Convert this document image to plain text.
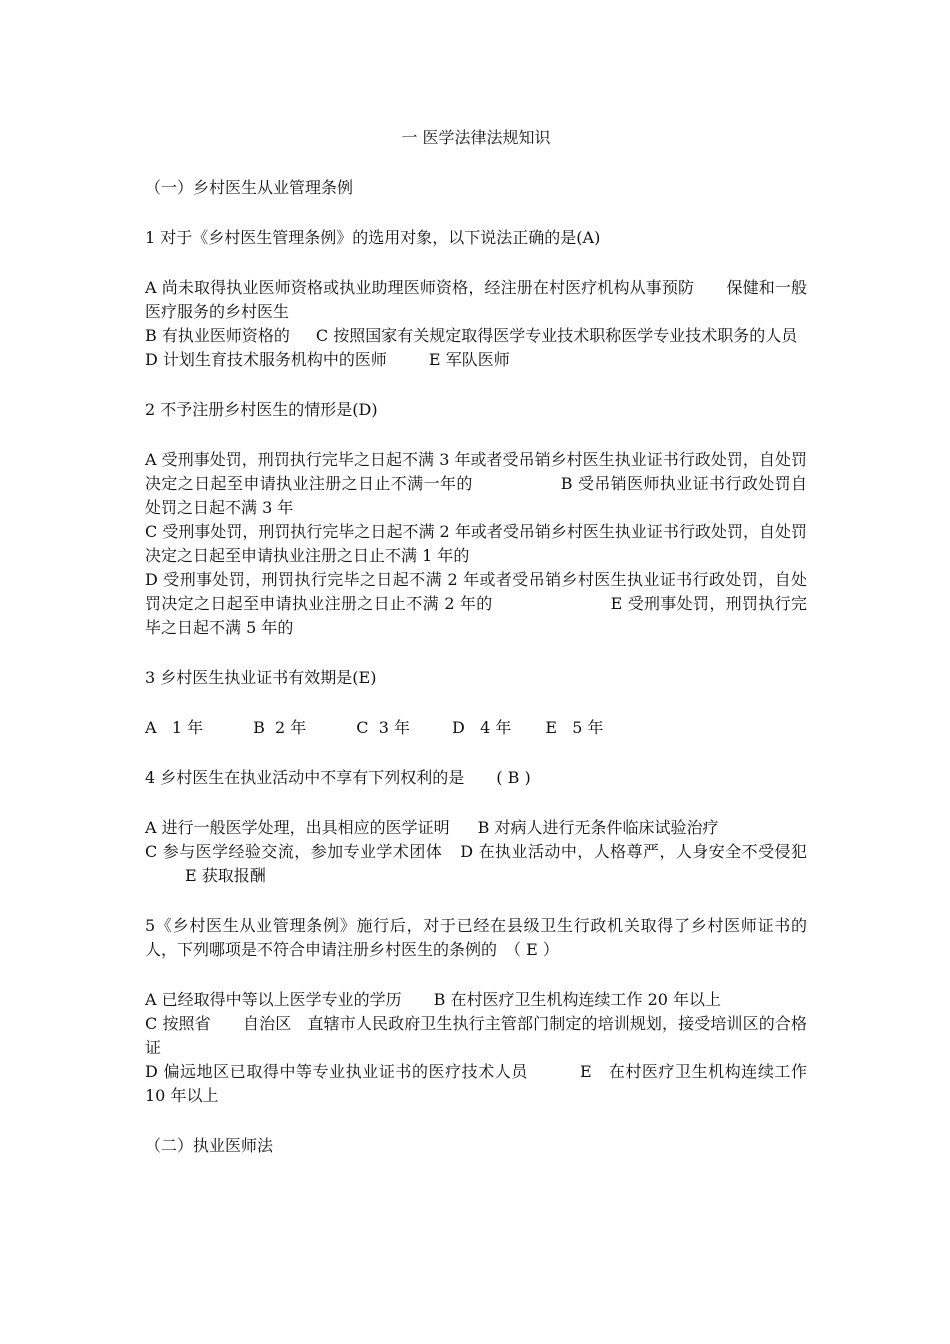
一 医学法律法规知识

（一）乡村医生从业管理条例

1 对于《乡村医生管理条例》的选用对象，以下说法正确的是(A)

A 尚未取得执业医师资格或执业助理医师资格，经注册在村医疗机构从事预防　　保健和一般医疗服务的乡村医生

B 有执业医师资格的 C 按照国家有关规定取得医学专业技术职称医学专业技术职务的人员

D 计划生育技术服务机构中的医师	E 军队医师

2 不予注册乡村医生的情形是(D)

A 受刑事处罚，刑罚执行完毕之日起不满 3 年或者受吊销乡村医生执业证书行政处罚，自处罚决定之日起至申请执业注册之日止不满一年的	B 受吊销医师执业证书行政处罚自处罚之日起不满 3 年

C 受刑事处罚，刑罚执行完毕之日起不满 2 年或者受吊销乡村医生执业证书行政处罚，自处罚决定之日起至申请执业注册之日止不满 1 年的

D 受刑事处罚，刑罚执行完毕之日起不满 2 年或者受吊销乡村医生执业证书行政处罚，自处罚决定之日起至申请执业注册之日止不满 2 年的	E 受刑事处罚，刑罚执行完毕之日起不满 5 年的

3 乡村医生执业证书有效期是(E)

A   1 年	B  2 年	C  3 年	D   4 年 E   5 年

4 乡村医生在执业活动中不享有下列权利的是　　( B )

A 进行一般医学处理，出具相应的医学证明 B 对病人进行无条件临床试验治疗

C 参与医学经验交流，参加专业学术团体 D 在执业活动中，人格尊严，人身安全不受侵犯E 获取报酬

5《乡村医生从业管理条例》施行后，对于已经在县级卫生行政机关取得了乡村医师证书的人，下列哪项是不符合申请注册乡村医生的条例的　（ E ）

A 已经取得中等以上医学专业的学历 B 在村医疗卫生机构连续工作 20 年以上

C 按照省　　自治区　直辖市人民政府卫生执行主管部门制定的培训规划，接受培训区的合格证

D 偏远地区已取得中等专业执业证书的医疗技术人员	E　在村医疗卫生机构连续工作 10 年以上

（二）执业医师法
